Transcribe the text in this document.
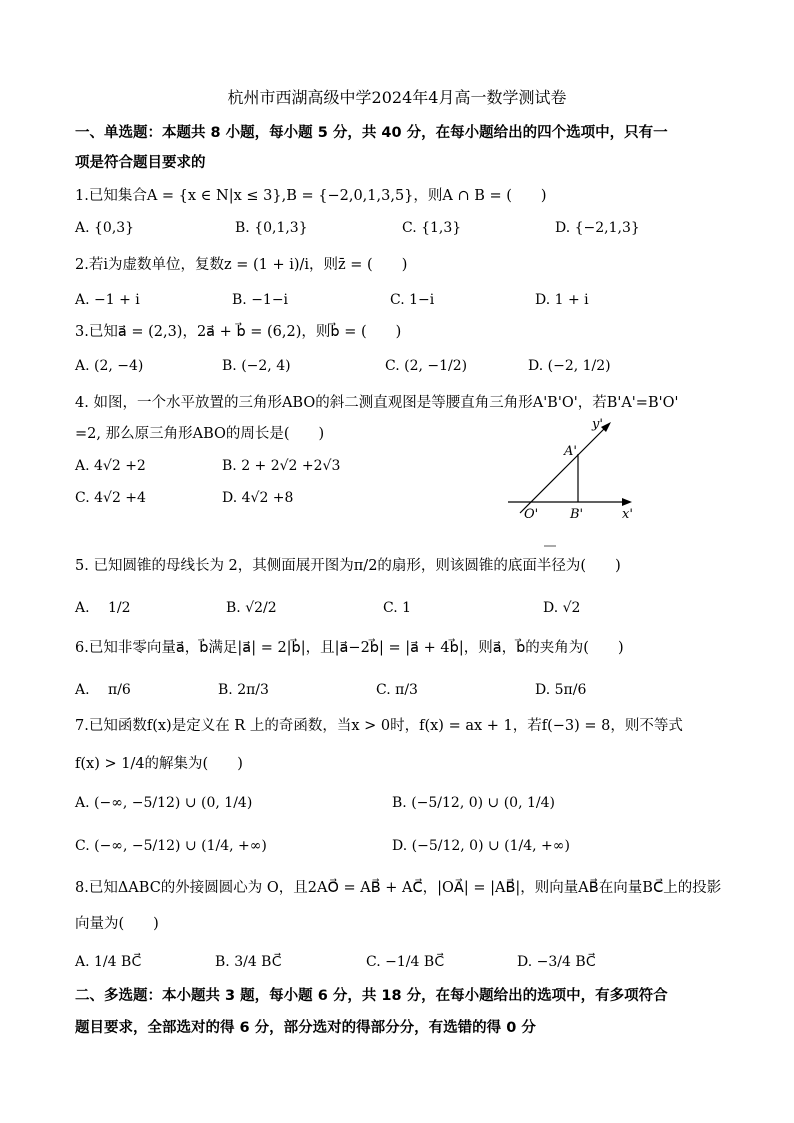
杭州市西湖高级中学2024年4月高一数学测试卷
一、单选题：本题共 8 小题，每小题 5 分，共 40 分，在每小题给出的四个选项中，只有一
项是符合题目要求的
1.已知集合A = {x ∈ N|x ≤ 3},B = {−2,0,1,3,5}，则A ∩ B = (　　)
A. {0,3}	B. {0,1,3}	C. {1,3}	D. {−2,1,3}
2.若i为虚数单位，复数z = (1 + i)/i，则z̄ = (　　)
A. −1 + i	B. −1−i	C. 1−i	D. 1 + i
3.已知a⃗ = (2,3)，2a⃗ + b⃗ = (6,2)，则b⃗ = (　　)
A. (2, −4)	B. (−2, 4)	C. (2, −1/2)	D. (−2, 1/2)
4. 如图，一个水平放置的三角形ABO的斜二测直观图是等腰直角三角形A'B'O'，若B'A'=B'O'
=2, 那么原三角形ABO的周长是(　　)
A. 4√2 +2	B. 2 + 2√2 +2√3
C. 4√2 +4	D. 4√2 +8
y'
A'
O' B'	x'
5. 已知圆锥的母线长为 2，其侧面展开图为π/2的扇形，则该圆锥的底面半径为(　　)
A.　 1/2	B. √2/2	C. 1	D. √2
6.已知非零向量a⃗，b⃗满足|a⃗| = 2|b⃗|，且|a⃗−2b⃗| = |a⃗ + 4b⃗|，则a⃗，b⃗的夹角为(　　)
A.　 π/6	B. 2π/3	C. π/3	D. 5π/6
7.已知函数f(x)是定义在 R 上的奇函数，当x > 0时，f(x) = ax + 1，若f(−3) = 8，则不等式
f(x) > 1/4的解集为(　　)
A. (−∞, −5/12) ∪ (0, 1/4)	B. (−5/12, 0) ∪ (0, 1/4)
C. (−∞, −5/12) ∪ (1/4, +∞)	D. (−5/12, 0) ∪ (1/4, +∞)
8.已知ΔABC的外接圆圆心为 O，且2AO⃗ = AB⃗ + AC⃗，|OA⃗| = |AB⃗|，则向量AB⃗在向量BC⃗上的投影
向量为(　　)
A. 1/4 BC⃗	B. 3/4 BC⃗	C. −1/4 BC⃗	D. −3/4 BC⃗
二、多选题：本小题共 3 题，每小题 6 分，共 18 分，在每小题给出的选项中，有多项符合
题目要求，全部选对的得 6 分，部分选对的得部分分，有选错的得 0 分
